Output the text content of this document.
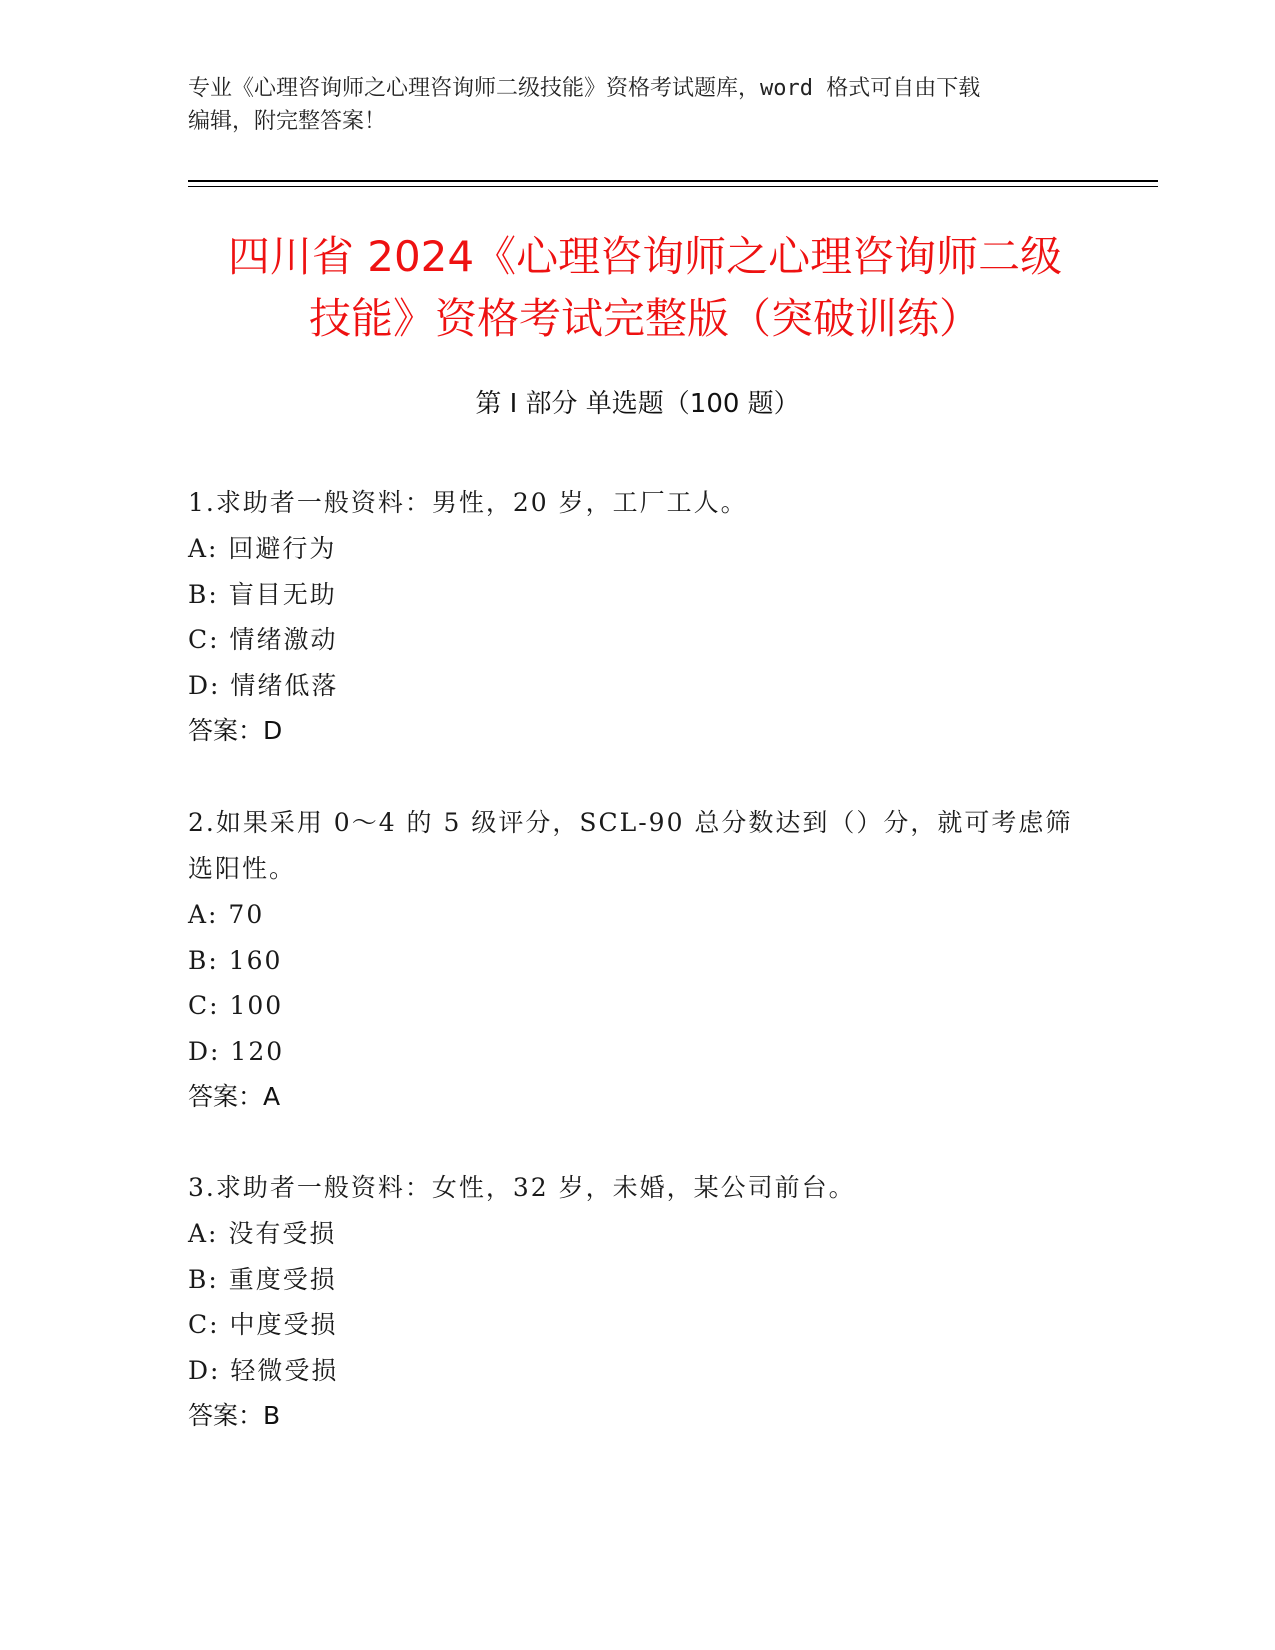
专业《心理咨询师之心理咨询师二级技能》资格考试题库，word 格式可自由下载
编辑，附完整答案！
四川省 2024《心理咨询师之心理咨询师二级
技能》资格考试完整版（突破训练）
第 I 部分 单选题（100 题）

1.求助者一般资料：男性，20 岁，工厂工人。

A: 回避行为

B: 盲目无助

C: 情绪激动

D: 情绪低落

答案：D

2.如果采用 0～4 的 5 级评分，SCL-90 总分数达到（）分，就可考虑筛

选阳性。

A: 70

B: 160

C: 100

D: 120

答案：A

3.求助者一般资料：女性，32 岁，未婚，某公司前台。

A: 没有受损

B: 重度受损

C: 中度受损

D: 轻微受损

答案：B
